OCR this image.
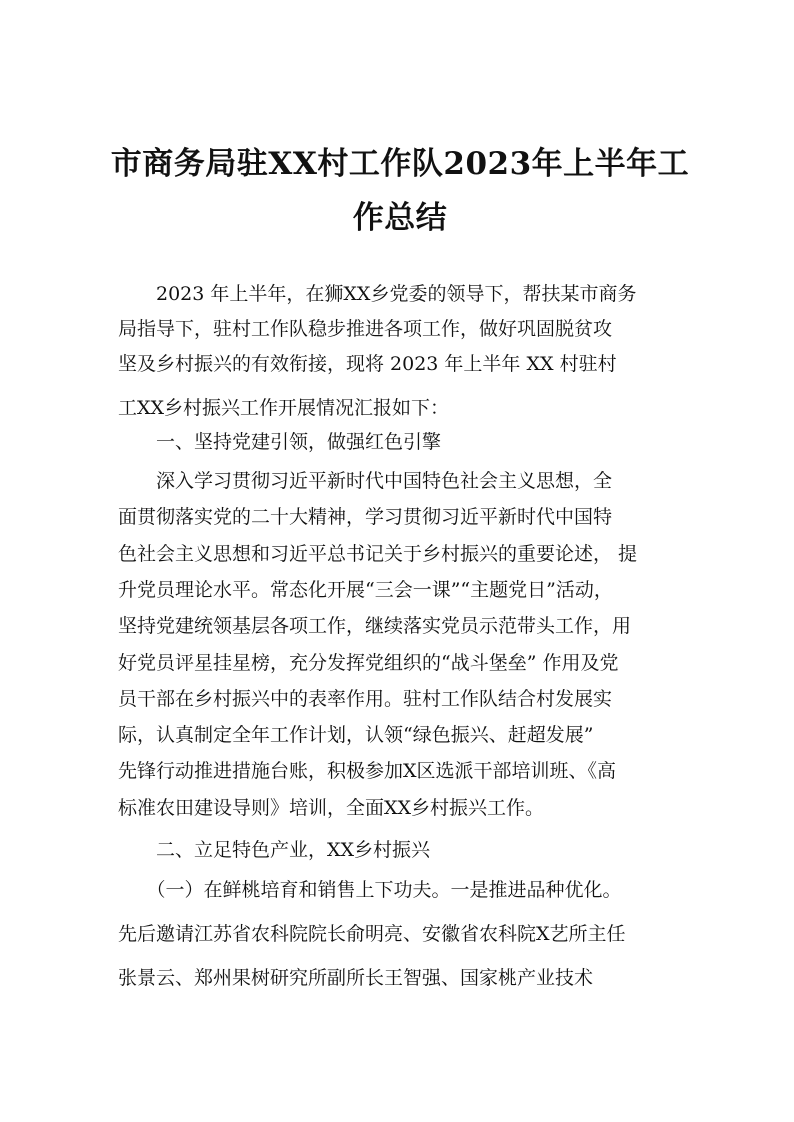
市商务局驻XX村工作队2023年上半年工
作总结
　　2023 年上半年，在狮XX乡党委的领导下，帮扶某市商务
局指导下，驻村工作队稳步推进各项工作，做好巩固脱贫攻
坚及乡村振兴的有效衔接，现将 2023 年上半年 XX 村驻村
工XX乡村振兴工作开展情况汇报如下：
　　一、坚持党建引领，做强红色引擎
　　深入学习贯彻习近平新时代中国特色社会主义思想，全
面贯彻落实党的二十大精神，学习贯彻习近平新时代中国特
色社会主义思想和习近平总书记关于乡村振兴的重要论述， 提
升党员理论水平。常态化开展“三会一课”“主题党日”活动，
坚持党建统领基层各项工作，继续落实党员示范带头工作，用
好党员评星挂星榜，充分发挥党组织的“战斗堡垒” 作用及党
员干部在乡村振兴中的表率作用。驻村工作队结合村发展实
际，认真制定全年工作计划，认领“绿色振兴、赶超发展”
先锋行动推进措施台账，积极参加X区选派干部培训班、《高
标准农田建设导则》培训，全面XX乡村振兴工作。
　　二、立足特色产业，XX乡村振兴
　　（一）在鲜桃培育和销售上下功夫。一是推进品种优化。
先后邀请江苏省农科院院长俞明亮、安徽省农科院X艺所主任
张景云、郑州果树研究所副所长王智强、国家桃产业技术
